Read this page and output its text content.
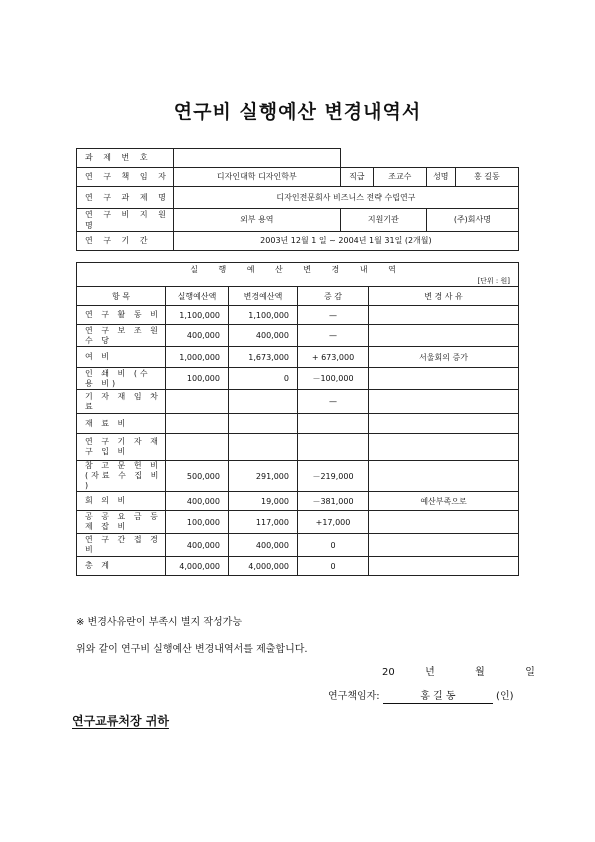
연구비 실행예산 변경내역서
과 제 번 호					
연 구 책 임 자	디자인대학 디자인학부	직급	조교수	성명	홍 길동
연 구 과 제 명	디자인전문회사 비즈니스 전략 수립연구				
연 구 비 지 원 명	외부 용역	지원기관		(주)회사명	
연 구 기 간	2003년 12월 1 일 ~ 2004년 1월 31일 (2개월)				
실 행 예 산 변 경 내 역				
[단위 : 원]				
항 목	실행예산액	변경예산액	증 감	변 경 사 유
연 구 활 동 비	1,100,000	1,100,000	—	
연 구 보 조 원 수 당	400,000	400,000	—	
여 비	1,000,000	1,673,000	+ 673,000	서울회의 증가
인 쇄 비 (수 용 비)	100,000	0	－100,000	
기 자 재 임 차 료			—	
재 료 비				
연 구 기 자 재 구 입 비				
참 고 문 헌 비 (자료 수 집 비 )	500,000	291,000	－219,000	
회 의 비	400,000	19,000	－381,000	예산부족으로
공 공 요 금 등 제 잡 비	100,000	117,000	+17,000	
연 구 간 접 경 비	400,000	400,000	0	
총 계	4,000,000	4,000,000	0	
※ 변경사유란이 부족시 별지 작성가능
위와 같이 연구비 실행예산 변경내역서를 제출합니다.
20	년	월	일
연구책임자:	홍 길 동	(인)
연구교류처장 귀하
